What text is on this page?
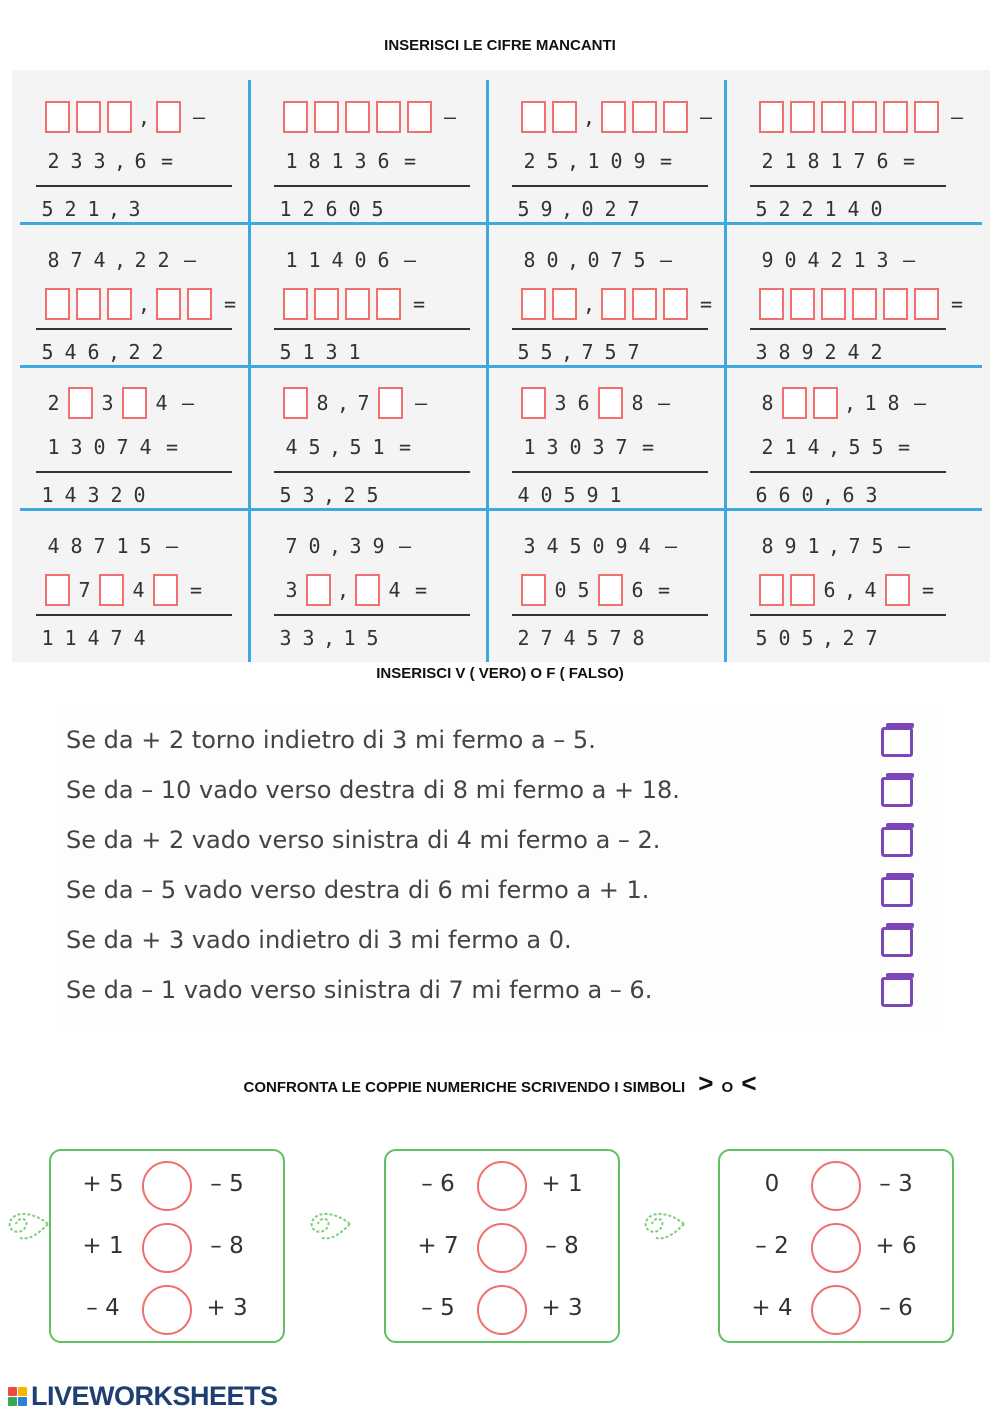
INSERISCI LE CIFRE MANCANTI
,	–
2 3 3 , 6 =
5 2 1 , 3
–
1 8 1 3 6 =
1 2 6 0 5
,	–
2 5 , 1 0 9 =
5 9 , 0 2 7
–
2 1 8 1 7 6 =
5 2 2 1 4 0
8 7 4 , 2 2 –
,	=
5 4 6 , 2 2
1 1 4 0 6 –
=
5 1 3 1
8 0 , 0 7 5 –
,	=
5 5 , 7 5 7
9 0 4 2 1 3 –
=
3 8 9 2 4 2
2 3 4 –
1 3 0 7 4 =
1 4 3 2 0
8 , 7	–
4 5 , 5 1 =
5 3 , 2 5
3 6 8 –
1 3 0 3 7 =
4 0 5 9 1
8	, 1 8 –
2 1 4 , 5 5 =
6 6 0 , 6 3
4 8 7 1 5 –
7 4	=
1 1 4 7 4
7 0 , 3 9 –
3 , 4 =
3 3 , 1 5
3 4 5 0 9 4 –
0 5 6 =
2 7 4 5 7 8
8 9 1 , 7 5 –
6 , 4	=
5 0 5 , 2 7
INSERISCI V ( VERO) O F ( FALSO)
Se da + 2 torno indietro di 3 mi fermo a – 5.
Se da – 10 vado verso destra di 8 mi fermo a + 18.
Se da + 2 vado verso sinistra di 4 mi fermo a – 2.
Se da – 5 vado verso destra di 6 mi fermo a + 1.
Se da + 3 vado indietro di 3 mi fermo a 0.
Se da – 1 vado verso sinistra di 7 mi fermo a – 6.
CONFRONTA LE COPPIE NUMERICHE SCRIVENDO I SIMBOLI > O <
+ 5	– 5
+ 1	– 8
– 4	+ 3
– 6	+ 1
+ 7	– 8
– 5	+ 3
0	– 3
– 2	+ 6
+ 4	– 6
LIVEWORKSHEETS
